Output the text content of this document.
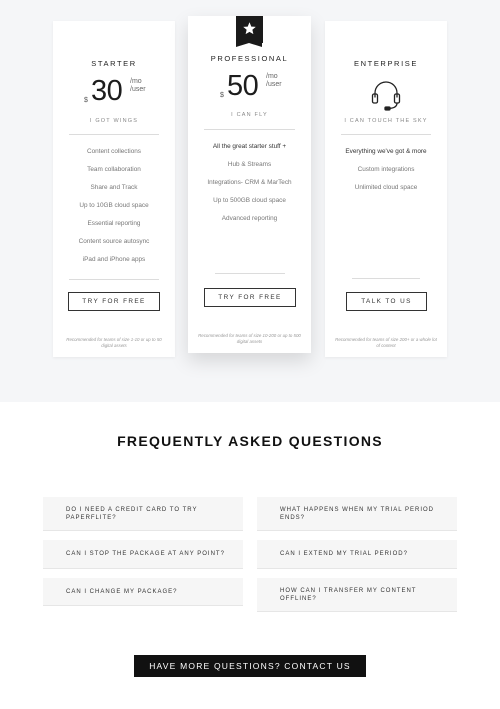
STARTER
$ 30 /mo
/user
I GOT WINGS
Content collections
Team collaboration
Share and Track
Up to 10GB cloud space
Essential reporting
Content source autosync
iPad and iPhone apps
TRY FOR FREE
Recommended for teams of size 1-10 or up to 50 digital assets
PROFESSIONAL
$ 50 /mo
/user
I CAN FLY
All the great starter stuff +
Hub & Streams
Integrations- CRM & MarTech
Up to 500GB cloud space
Advanced reporting
TRY FOR FREE
Recommended for teams of size 10-200 or up to 500 digital assets
ENTERPRISE
I CAN TOUCH THE SKY
Everything we've got & more
Custom integrations
Unlimited cloud space
TALK TO US
Recommended for teams of size 200+ or a whole lot of content
FREQUENTLY ASKED QUESTIONS
DO I NEED A CREDIT CARD TO TRY PAPERFLITE?
WHAT HAPPENS WHEN MY TRIAL PERIOD ENDS?
CAN I STOP THE PACKAGE AT ANY POINT?	CAN I EXTEND MY TRIAL PERIOD?
CAN I CHANGE MY PACKAGE?	HOW CAN I TRANSFER MY CONTENT OFFLINE?
HAVE MORE QUESTIONS? CONTACT US
